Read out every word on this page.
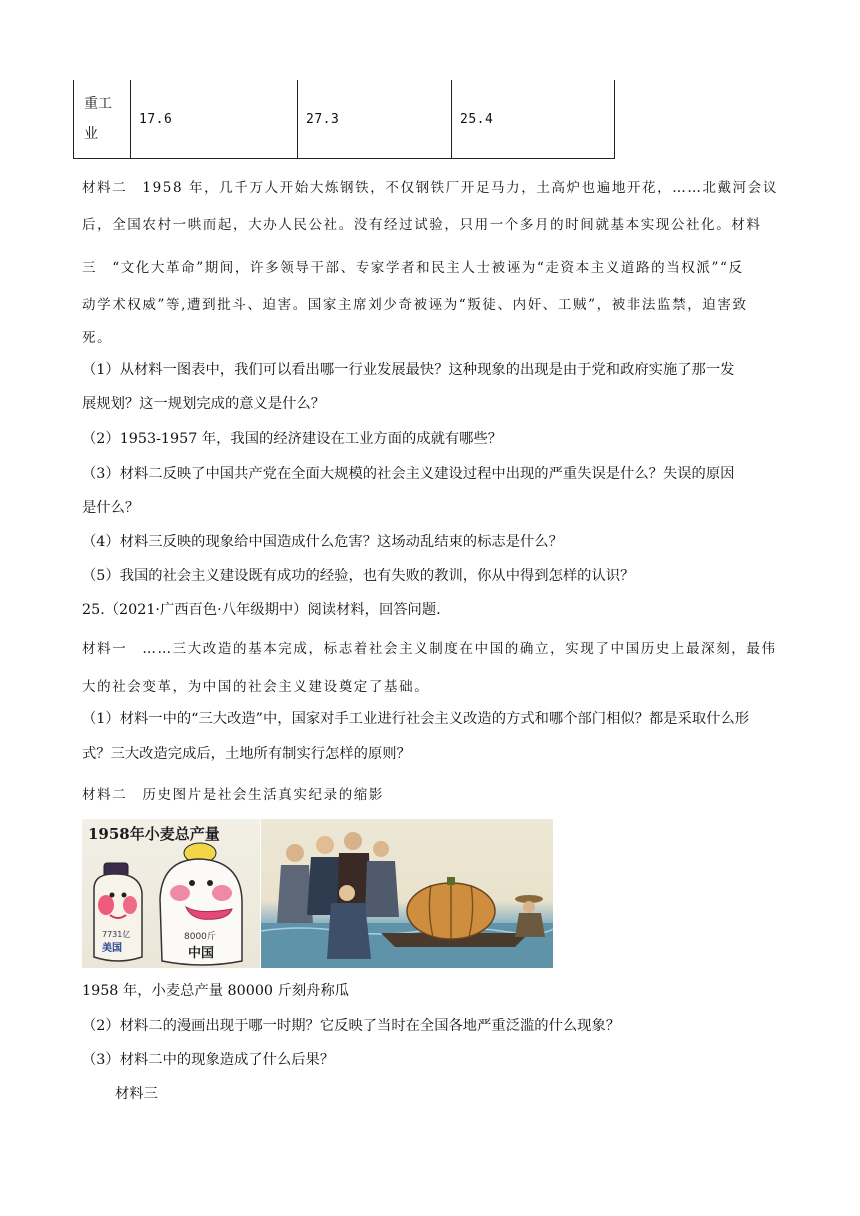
重工业
	17.6	27.3	25.4
材料二　1958 年，几千万人开始大炼钢铁，不仅钢铁厂开足马力，土高炉也遍地开花，……北戴河会议
后，全国农村一哄而起，大办人民公社。没有经过试验，只用一个多月的时间就基本实现公社化。材料
三　“文化大革命”期间，许多领导干部、专家学者和民主人士被诬为“走资本主义道路的当权派”“反
动学术权威”等,遭到批斗、迫害。国家主席刘少奇被诬为“叛徒、内奸、工贼”，被非法监禁，迫害致
死。
（1）从材料一图表中，我们可以看出哪一行业发展最快？这种现象的出现是由于党和政府实施了那一发
展规划？这一规划完成的意义是什么？
（2）1953-1957 年，我国的经济建设在工业方面的成就有哪些？
（3）材料二反映了中国共产党在全面大规模的社会主义建设过程中出现的严重失误是什么？失误的原因
是什么？
（4）材料三反映的现象给中国造成什么危害？这场动乱结束的标志是什么？
（5）我国的社会主义建设既有成功的经验，也有失败的教训，你从中得到怎样的认识？
25.（2021·广西百色·八年级期中）阅读材料，回答问题.
材料一　……三大改造的基本完成，标志着社会主义制度在中国的确立，实现了中国历史上最深刻，最伟
大的社会变革，为中国的社会主义建设奠定了基础。
（1）材料一中的“三大改造”中，国家对手工业进行社会主义改造的方式和哪个部门相似？都是采取什么形
式？三大改造完成后，土地所有制实行怎样的原则？
材料二　历史图片是社会生活真实纪录的缩影
1958年小麦总产量
7731亿
美国
8000斤
中国
1958 年，小麦总产量 80000 斤刻舟称瓜
（2）材料二的漫画出现于哪一时期？它反映了当时在全国各地严重泛滥的什么现象？
（3）材料二中的现象造成了什么后果？
材料三
